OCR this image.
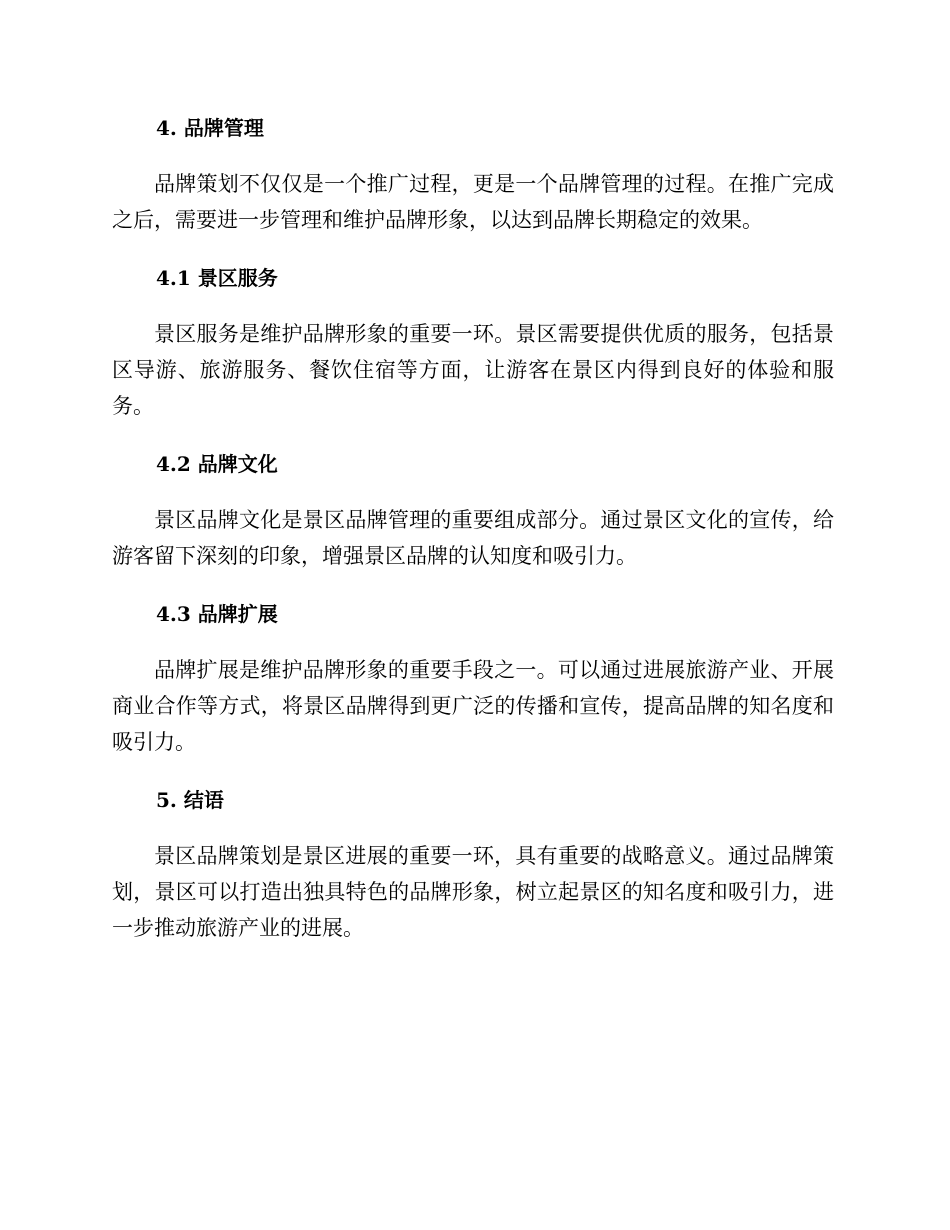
4. 品牌管理

品牌策划不仅仅是一个推广过程，更是一个品牌管理的过程。在推广完成之后，需要进一步管理和维护品牌形象，以达到品牌长期稳定的效果。

4.1 景区服务

景区服务是维护品牌形象的重要一环。景区需要提供优质的服务，包括景区导游、旅游服务、餐饮住宿等方面，让游客在景区内得到良好的体验和服务。

4.2 品牌文化

景区品牌文化是景区品牌管理的重要组成部分。通过景区文化的宣传，给游客留下深刻的印象，增强景区品牌的认知度和吸引力。

4.3 品牌扩展

品牌扩展是维护品牌形象的重要手段之一。可以通过进展旅游产业、开展商业合作等方式，将景区品牌得到更广泛的传播和宣传，提高品牌的知名度和吸引力。

5. 结语

景区品牌策划是景区进展的重要一环，具有重要的战略意义。通过品牌策划，景区可以打造出独具特色的品牌形象，树立起景区的知名度和吸引力，进一步推动旅游产业的进展。
